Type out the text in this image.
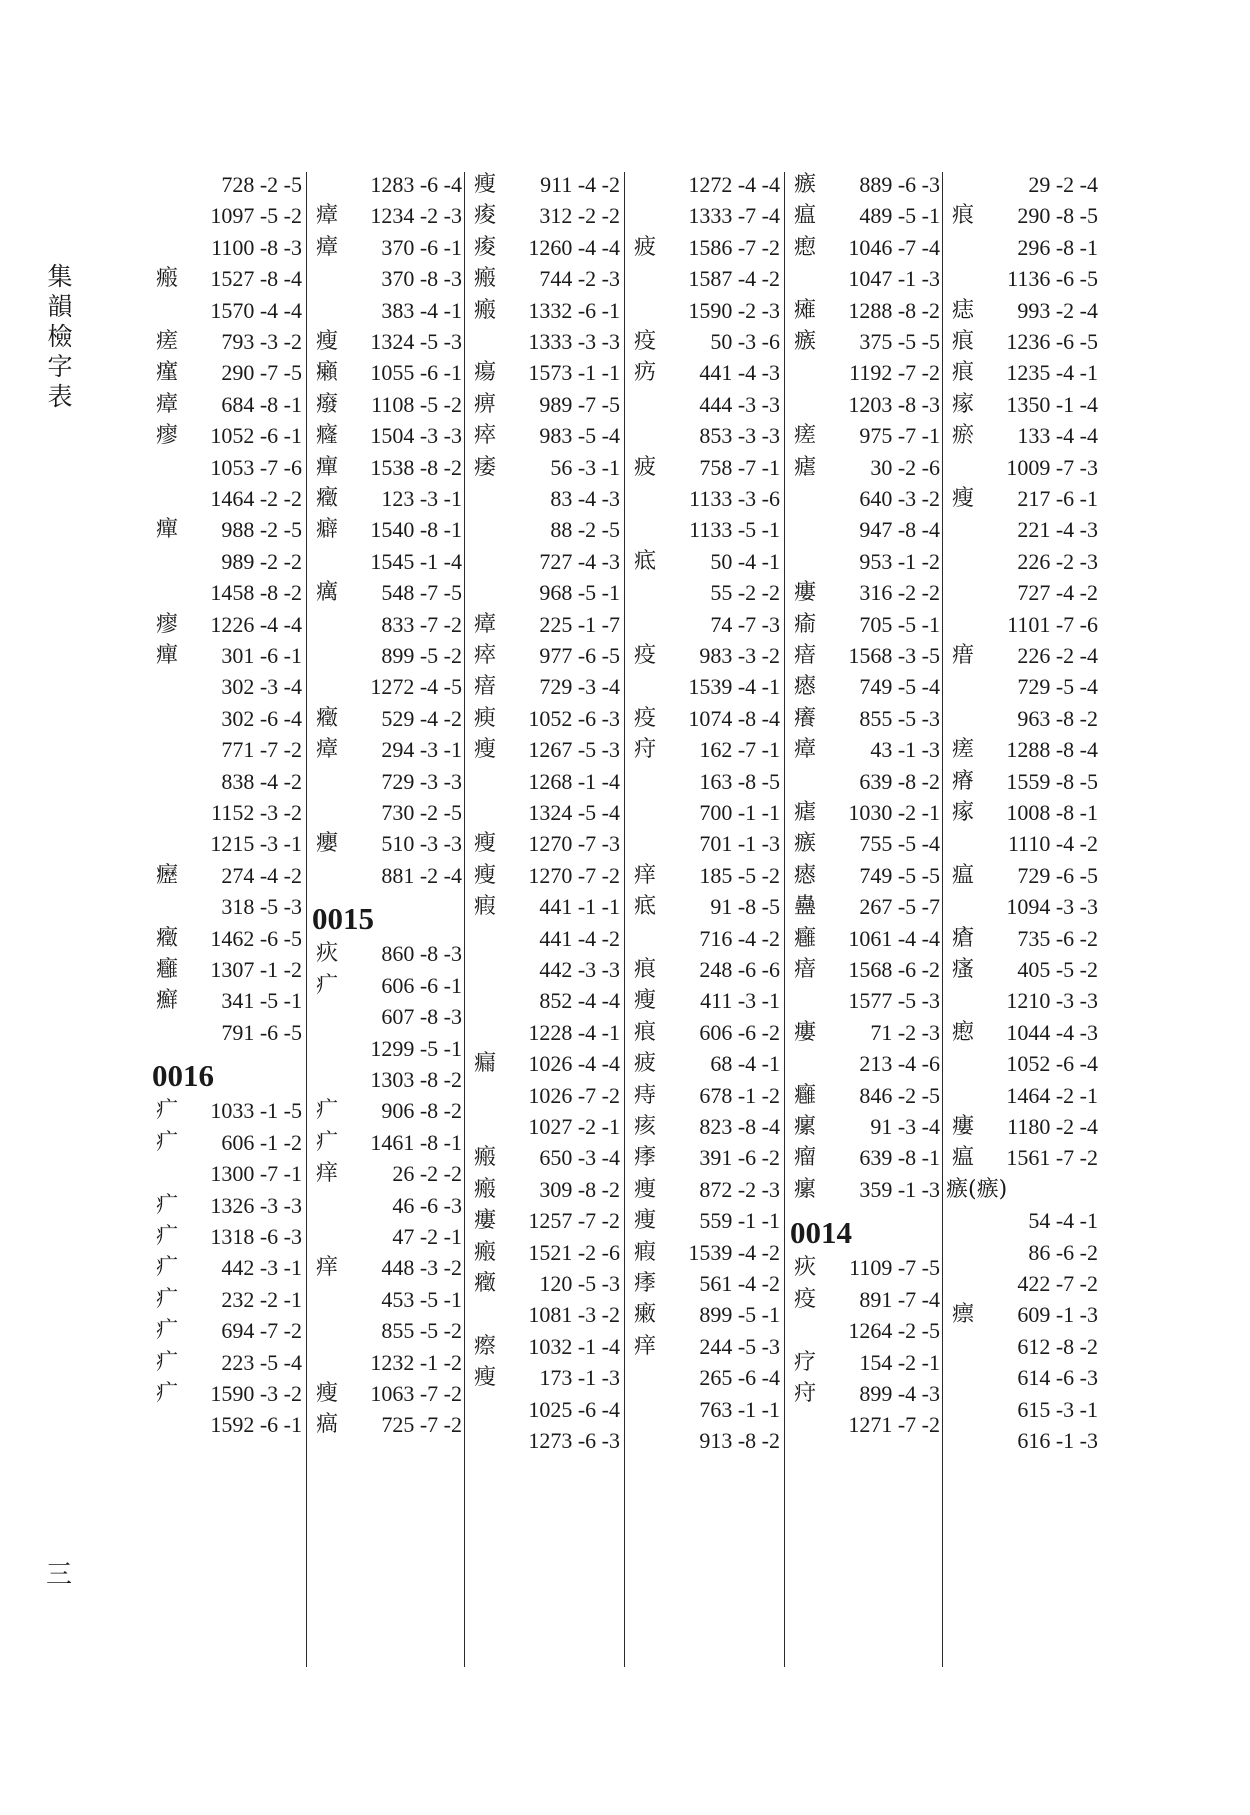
集
韻
檢
字
表
三
728 -2 -5
1097 -5 -2
1100 -8 -3
瘢 1527 -8 -4
1570 -4 -4
瘥 793 -3 -2
瘽 290 -7 -5
瘴 684 -8 -1
瘳 1052 -6 -1
1053 -7 -6
1464 -2 -2
癉 988 -2 -5
989 -2 -2
1458 -8 -2
瘳 1226 -4 -4
癉 301 -6 -1
302 -3 -4
302 -6 -4
771 -7 -2
838 -4 -2
1152 -3 -2
1215 -3 -1
癧 274 -4 -2
318 -5 -3
癥 1462 -6 -5
癰 1307 -1 -2
癬 341 -5 -1
791 -6 -5
0016
疒 1033 -1 -5
疒 606 -1 -2
1300 -7 -1
疒 1326 -3 -3
疒 1318 -6 -3
疒 442 -3 -1
疒 232 -2 -1
疒 694 -7 -2
疒 223 -5 -4
疒 1590 -3 -2
1592 -6 -1
1283 -6 -4
瘴 1234 -2 -3
瘴 370 -6 -1
370 -8 -3
383 -4 -1
瘦 1324 -5 -3
癩 1055 -6 -1
癈 1108 -5 -2
癃 1504 -3 -3
癉 1538 -8 -2
癥 123 -3 -1
癖 1540 -8 -1
1545 -1 -4
癘 548 -7 -5
833 -7 -2
899 -5 -2
1272 -4 -5
癥 529 -4 -2
瘴 294 -3 -1
729 -3 -3
730 -2 -5
癭 510 -3 -3
881 -2 -4
0015
疢 860 -8 -3
疒 606 -6 -1
607 -8 -3
1299 -5 -1
1303 -8 -2
疒 906 -8 -2
疒 1461 -8 -1
痒 26 -2 -2
46 -6 -3
47 -2 -1
痒 448 -3 -2
453 -5 -1
855 -5 -2
1232 -1 -2
瘦 1063 -7 -2
瘑 725 -7 -2
瘦 911 -4 -2
痠 312 -2 -2
痠 1260 -4 -4
瘢 744 -2 -3
瘢 1332 -6 -1
1333 -3 -3
瘍 1573 -1 -1
痹 989 -7 -5
瘁 983 -5 -4
痿 56 -3 -1
83 -4 -3
88 -2 -5
727 -4 -3
968 -5 -1
瘴 225 -1 -7
瘁 977 -6 -5
瘖 729 -3 -4
瘐 1052 -6 -3
瘦 1267 -5 -3
1268 -1 -4
1324 -5 -4
瘦 1270 -7 -3
瘦 1270 -7 -2
瘕 441 -1 -1
441 -4 -2
442 -3 -3
852 -4 -4
1228 -4 -1
瘺 1026 -4 -4
1026 -7 -2
1027 -2 -1
瘢 650 -3 -4
瘢 309 -8 -2
瘻 1257 -7 -2
瘢 1521 -2 -6
癥 120 -5 -3
1081 -3 -2
瘵 1032 -1 -4
瘦 173 -1 -3
1025 -6 -4
1273 -6 -3
1272 -4 -4
1333 -7 -4
疲 1586 -7 -2
1587 -4 -2
1590 -2 -3
疫 50 -3 -6
疓 441 -4 -3
444 -3 -3
853 -3 -3
疲 758 -7 -1
1133 -3 -6
1133 -5 -1
疷 50 -4 -1
55 -2 -2
74 -7 -3
疫 983 -3 -2
1539 -4 -1
疫 1074 -8 -4
疛 162 -7 -1
163 -8 -5
700 -1 -1
701 -1 -3
痒 185 -5 -2
疷 91 -8 -5
716 -4 -2
痕 248 -6 -6
瘦 411 -3 -1
痕 606 -6 -2
疲 68 -4 -1
痔 678 -1 -2
痎 823 -8 -4
痵 391 -6 -2
痩 872 -2 -3
痩 559 -1 -1
瘕 1539 -4 -2
痵 561 -4 -2
瘷 899 -5 -1
痒 244 -5 -3
265 -6 -4
763 -1 -1
913 -8 -2
瘯 889 -6 -3
瘟 489 -5 -1
瘛 1046 -7 -4
1047 -1 -3
瘫 1288 -8 -2
瘯 375 -5 -5
1192 -7 -2
1203 -8 -3
瘥 975 -7 -1
瘧 30 -2 -6
640 -3 -2
947 -8 -4
953 -1 -2
瘻 316 -2 -2
瘉 705 -5 -1
瘖 1568 -3 -5
瘱 749 -5 -4
癢 855 -5 -3
瘴 43 -1 -3
639 -8 -2
瘧 1030 -2 -1
瘯 755 -5 -4
瘱 749 -5 -5
蠱 267 -5 -7
癰 1061 -4 -4
瘖 1568 -6 -2
1577 -5 -3
瘻 71 -2 -3
213 -4 -6
癰 846 -2 -5
瘰 91 -3 -4
瘤 639 -8 -1
瘰 359 -1 -3
0014
疢 1109 -7 -5
疫 891 -7 -4
1264 -2 -5
疗 154 -2 -1
疛 899 -4 -3
1271 -7 -2
29 -2 -4
痕 290 -8 -5
296 -8 -1
1136 -6 -5
痣 993 -2 -4
痕 1236 -6 -5
痕 1235 -4 -1
瘃 1350 -1 -4
瘀 133 -4 -4
1009 -7 -3
瘦 217 -6 -1
221 -4 -3
226 -2 -3
727 -4 -2
1101 -7 -6
瘄 226 -2 -4
729 -5 -4
963 -8 -2
瘥 1288 -8 -4
瘠 1559 -8 -5
瘃 1008 -8 -1
1110 -4 -2
瘟 729 -6 -5
1094 -3 -3
瘡 735 -6 -2
瘙 405 -5 -2
1210 -3 -3
瘛 1044 -4 -3
1052 -6 -4
1464 -2 -1
瘻 1180 -2 -4
瘟 1561 -7 -2
瘯(瘯)
54 -4 -1
86 -6 -2
422 -7 -2
瘭 609 -1 -3
612 -8 -2
614 -6 -3
615 -3 -1
616 -1 -3
